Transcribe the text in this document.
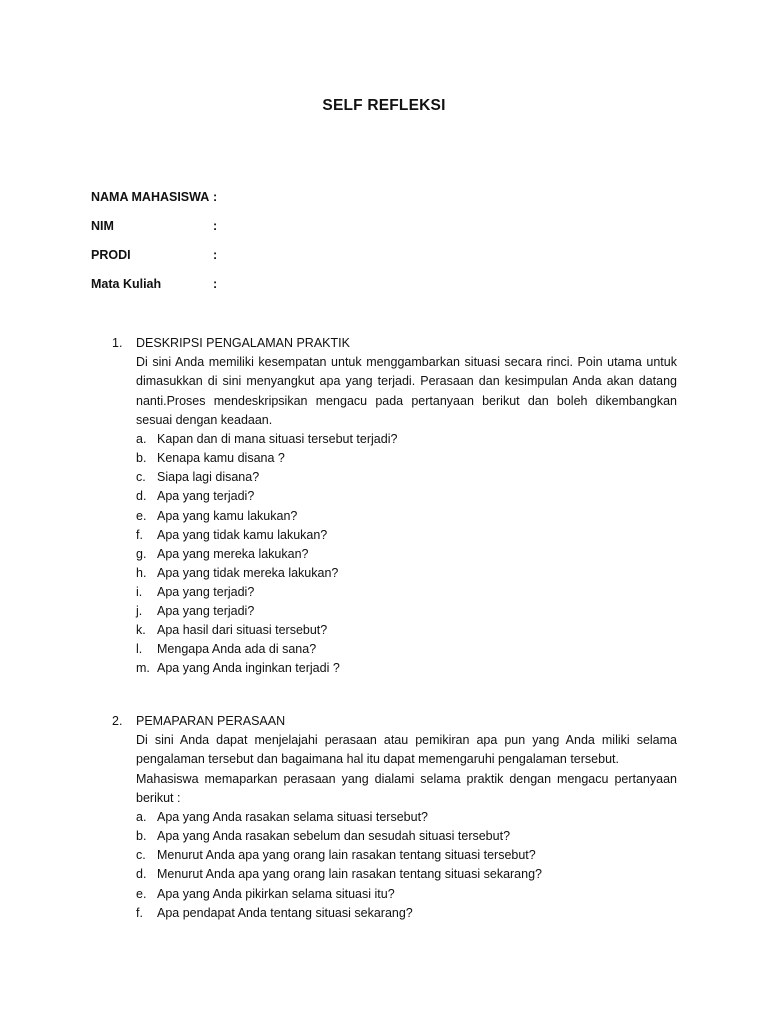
SELF REFLEKSI
NAMA MAHASISWA :
NIM	:
PRODI	:
Mata Kuliah	:
1. DESKRIPSI PENGALAMAN PRAKTIK
Di sini Anda memiliki kesempatan untuk menggambarkan situasi secara rinci. Poin utama untuk dimasukkan di sini menyangkut apa yang terjadi. Perasaan dan kesimpulan Anda akan datang nanti.Proses mendeskripsikan mengacu pada pertanyaan berikut dan boleh dikembangkan sesuai dengan keadaan.
a. Kapan dan di mana situasi tersebut terjadi?
b. Kenapa kamu disana ?
c. Siapa lagi disana?
d. Apa yang terjadi?
e. Apa yang kamu lakukan?
f. Apa yang tidak kamu lakukan?
g. Apa yang mereka lakukan?
h. Apa yang tidak mereka lakukan?
i. Apa yang terjadi?
j. Apa yang terjadi?
k. Apa hasil dari situasi tersebut?
l. Mengapa Anda ada di sana?
m. Apa yang Anda inginkan terjadi ?
2. PEMAPARAN PERASAAN
Di sini Anda dapat menjelajahi perasaan atau pemikiran apa pun yang Anda miliki selama pengalaman tersebut dan bagaimana hal itu dapat memengaruhi pengalaman tersebut.
Mahasiswa memaparkan perasaan yang dialami selama praktik dengan mengacu pertanyaan berikut :
a. Apa yang Anda rasakan selama situasi tersebut?
b. Apa yang Anda rasakan sebelum dan sesudah situasi tersebut?
c. Menurut Anda apa yang orang lain rasakan tentang situasi tersebut?
d. Menurut Anda apa yang orang lain rasakan tentang situasi sekarang?
e. Apa yang Anda pikirkan selama situasi itu?
f. Apa pendapat Anda tentang situasi sekarang?
